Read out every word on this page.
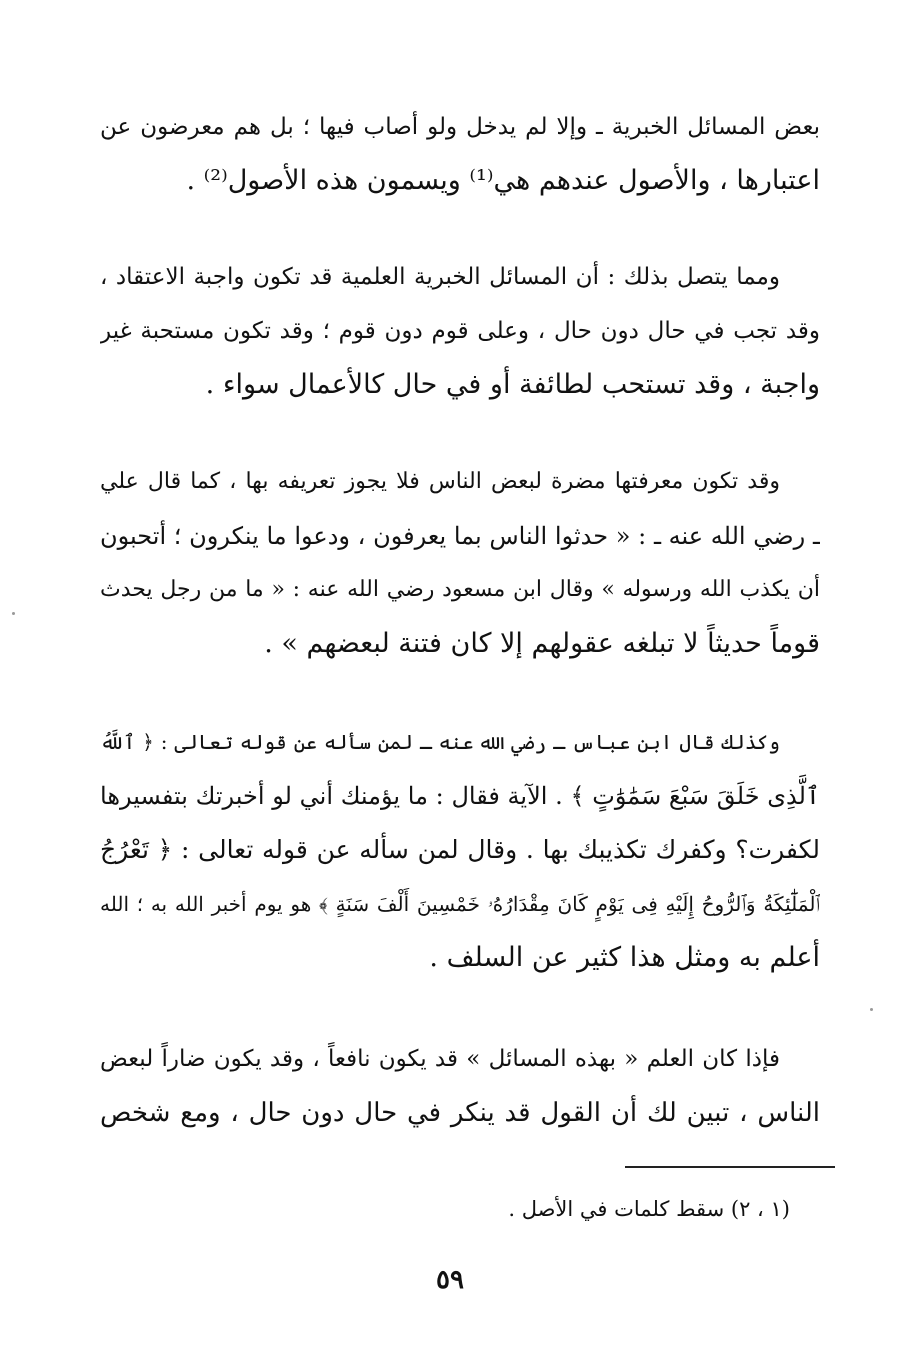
بعض المسائل الخبرية ـ وإلا لم يدخل ولو أصاب فيها ؛ بل هم معرضون عن
اعتبارها ، والأصول عندهم هي⁽¹⁾ ويسمون هذه الأصول⁽²⁾ .
ومما يتصل بذلك : أن المسائل الخبرية العلمية قد تكون واجبة الاعتقاد ،
وقد تجب في حال دون حال ، وعلى قوم دون قوم ؛ وقد تكون مستحبة غير
واجبة ، وقد تستحب لطائفة أو في حال كالأعمال سواء .
وقد تكون معرفتها مضرة لبعض الناس فلا يجوز تعريفه بها ، كما قال علي
ـ رضي الله عنه ـ : « حدثوا الناس بما يعرفون ، ودعوا ما ينكرون ؛ أتحبون
أن يكذب الله ورسوله » وقال ابن مسعود رضي الله عنه : « ما من رجل يحدث
قوماً حديثاً لا تبلغه عقولهم إلا كان فتنة لبعضهم » .
وكذلك قال ابن عباس ـ رضي الله عنه ـ لمن سأله عن قوله تعالى : ﴿ ٱللَّهُ
ٱلَّذِى خَلَقَ سَبْعَ سَمَٰوَٰتٍ ﴾ . الآية فقال : ما يؤمنك أني لو أخبرتك بتفسيرها
لكفرت؟ وكفرك تكذيبك بها . وقال لمن سأله عن قوله تعالى : ﴿ تَعْرُجُ
ٱلْمَلَٰٓئِكَةُ وَٱلرُّوحُ إِلَيْهِ فِى يَوْمٍ كَانَ مِقْدَارُهُۥ خَمْسِينَ أَلْفَ سَنَةٍ ﴾ هو يوم أخبر الله به ؛ الله
أعلم به ومثل هذا كثير عن السلف .
فإذا كان العلم « بهذه المسائل » قد يكون نافعاً ، وقد يكون ضاراً لبعض
الناس ، تبين لك أن القول قد ينكر في حال دون حال ، ومع شخص
(١ ، ٢) سقط كلمات في الأصل .
٥٩
